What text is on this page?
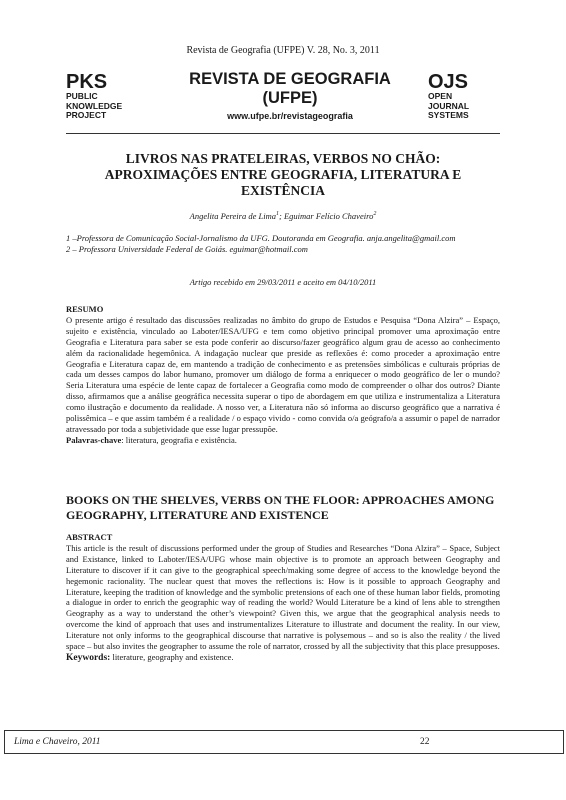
Revista de Geografia (UFPE) V. 28, No. 3, 2011
PKS
PUBLIC
KNOWLEDGE
PROJECT
REVISTA DE GEOGRAFIA
(UFPE)
www.ufpe.br/revistageografia
OJS
OPEN
JOURNAL
SYSTEMS
LIVROS NAS PRATELEIRAS, VERBOS NO CHÃO: APROXIMAÇÕES ENTRE GEOGRAFIA, LITERATURA E EXISTÊNCIA
Angelita Pereira de Lima$^1$; Eguimar Felício Chaveiro$^2$
1 –Professora de Comunicação Social-Jornalismo da UFG. Doutoranda em Geografia. anja.angelita@gmail.com
2 – Professora Universidade Federal de Goiás. eguimar@hotmail.com
Artigo recebido em 29/03/2011 e aceito em 04/10/2011
RESUMO
O presente artigo é resultado das discussões realizadas no âmbito do grupo de Estudos e Pesquisa “Dona Alzira” – Espaço, sujeito e existência, vinculado ao Laboter/IESA/UFG e tem como objetivo principal promover uma aproximação entre Geografia e Literatura para saber se esta pode conferir ao discurso/fazer geográfico algum grau de acesso ao conhecimento além da racionalidade hegemônica. A indagação nuclear que preside as reflexões é: como proceder a aproximação entre Geografia e Literatura capaz de, em mantendo a tradição de conhecimento e as pretensões simbólicas e culturais próprias de cada um desses campos do labor humano, promover um diálogo de forma a enriquecer o modo geográfico de ler o mundo? Seria Literatura uma espécie de lente capaz de fortalecer a Geografia como modo de compreender o olhar dos outros? Diante disso, afirmamos que a análise geográfica necessita superar o tipo de abordagem em que utiliza e instrumentaliza a Literatura como ilustração e documento da realidade. A nosso ver, a Literatura não só informa ao discurso geográfico que a narrativa é polissêmica – e que assim também é a realidade / o espaço vivido - como convida o/a geógrafo/a a assumir o papel de narrador atravessado por toda a subjetividade que esse lugar pressupõe.
Palavras-chave: literatura, geografia e existência.
BOOKS ON THE SHELVES, VERBS ON THE FLOOR: APPROACHES AMONG GEOGRAPHY, LITERATURE AND EXISTENCE
ABSTRACT
This article is the result of discussions performed under the group of Studies and Researches “Dona Alzira” – Space, Subject and Existance, linked to Laboter/IESA/UFG whose main objective is to promote an approach between Geography and Literature to discover if it can give to the geographical speech/making some degree of access to the knowledge beyond the hegemonic racionality. The nuclear quest that moves the reflections is: How is it possible to approach Geography and Literature, keeping the tradition of knowledge and the symbolic pretensions of each one of these human labor fields, promoting a dialogue in order to enrich the geographic way of reading the world? Would Literature be a kind of lens able to strengthen Geography as a way to understand the other’s viewpoint? Given this, we argue that the geographical analysis needs to overcome the kind of approach that uses and instrumentalizes Literature to illustrate and document the reality. In our view, Literature not only informs to the geographical discourse that narrative is polysemous – and so is also the reality / the lived space – but also invites the geographer to assume the role of narrator, crossed by all the subjectivity that this place presupposes.
Keywords: literature, geography and existence.
Lima e Chaveiro, 2011	22
